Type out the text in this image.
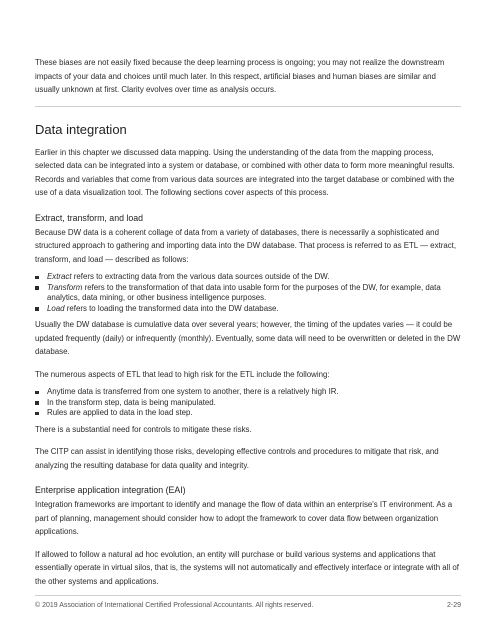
These biases are not easily fixed because the deep learning process is ongoing; you may not realize the downstream impacts of your data and choices until much later. In this respect, artificial biases and human biases are similar and usually unknown at first. Clarity evolves over time as analysis occurs.

Data integration

Earlier in this chapter we discussed data mapping. Using the understanding of the data from the mapping process, selected data can be integrated into a system or database, or combined with other data to form more meaningful results. Records and variables that come from various data sources are integrated into the target database or combined with the use of a data visualization tool. The following sections cover aspects of this process.

Extract, transform, and load

Because DW data is a coherent collage of data from a variety of databases, there is necessarily a sophisticated and structured approach to gathering and importing data into the DW database. That process is referred to as ETL — extract, transform, and load — described as follows:

Extract refers to extracting data from the various data sources outside of the DW.
Transform refers to the transformation of that data into usable form for the purposes of the DW, for example, data analytics, data mining, or other business intelligence purposes.
Load refers to loading the transformed data into the DW database.

Usually the DW database is cumulative data over several years; however, the timing of the updates varies — it could be updated frequently (daily) or infrequently (monthly). Eventually, some data will need to be overwritten or deleted in the DW database.

The numerous aspects of ETL that lead to high risk for the ETL include the following:

Anytime data is transferred from one system to another, there is a relatively high IR.
In the transform step, data is being manipulated.
Rules are applied to data in the load step.

There is a substantial need for controls to mitigate these risks.

The CITP can assist in identifying those risks, developing effective controls and procedures to mitigate that risk, and analyzing the resulting database for data quality and integrity.

Enterprise application integration (EAI)

Integration frameworks are important to identify and manage the flow of data within an enterprise's IT environment. As a part of planning, management should consider how to adopt the framework to cover data flow between organization applications.

If allowed to follow a natural ad hoc evolution, an entity will purchase or build various systems and applications that essentially operate in virtual silos, that is, the systems will not automatically and effectively interface or integrate with all of the other systems and applications.

© 2019 Association of International Certified Professional Accountants. All rights reserved.	2-29
